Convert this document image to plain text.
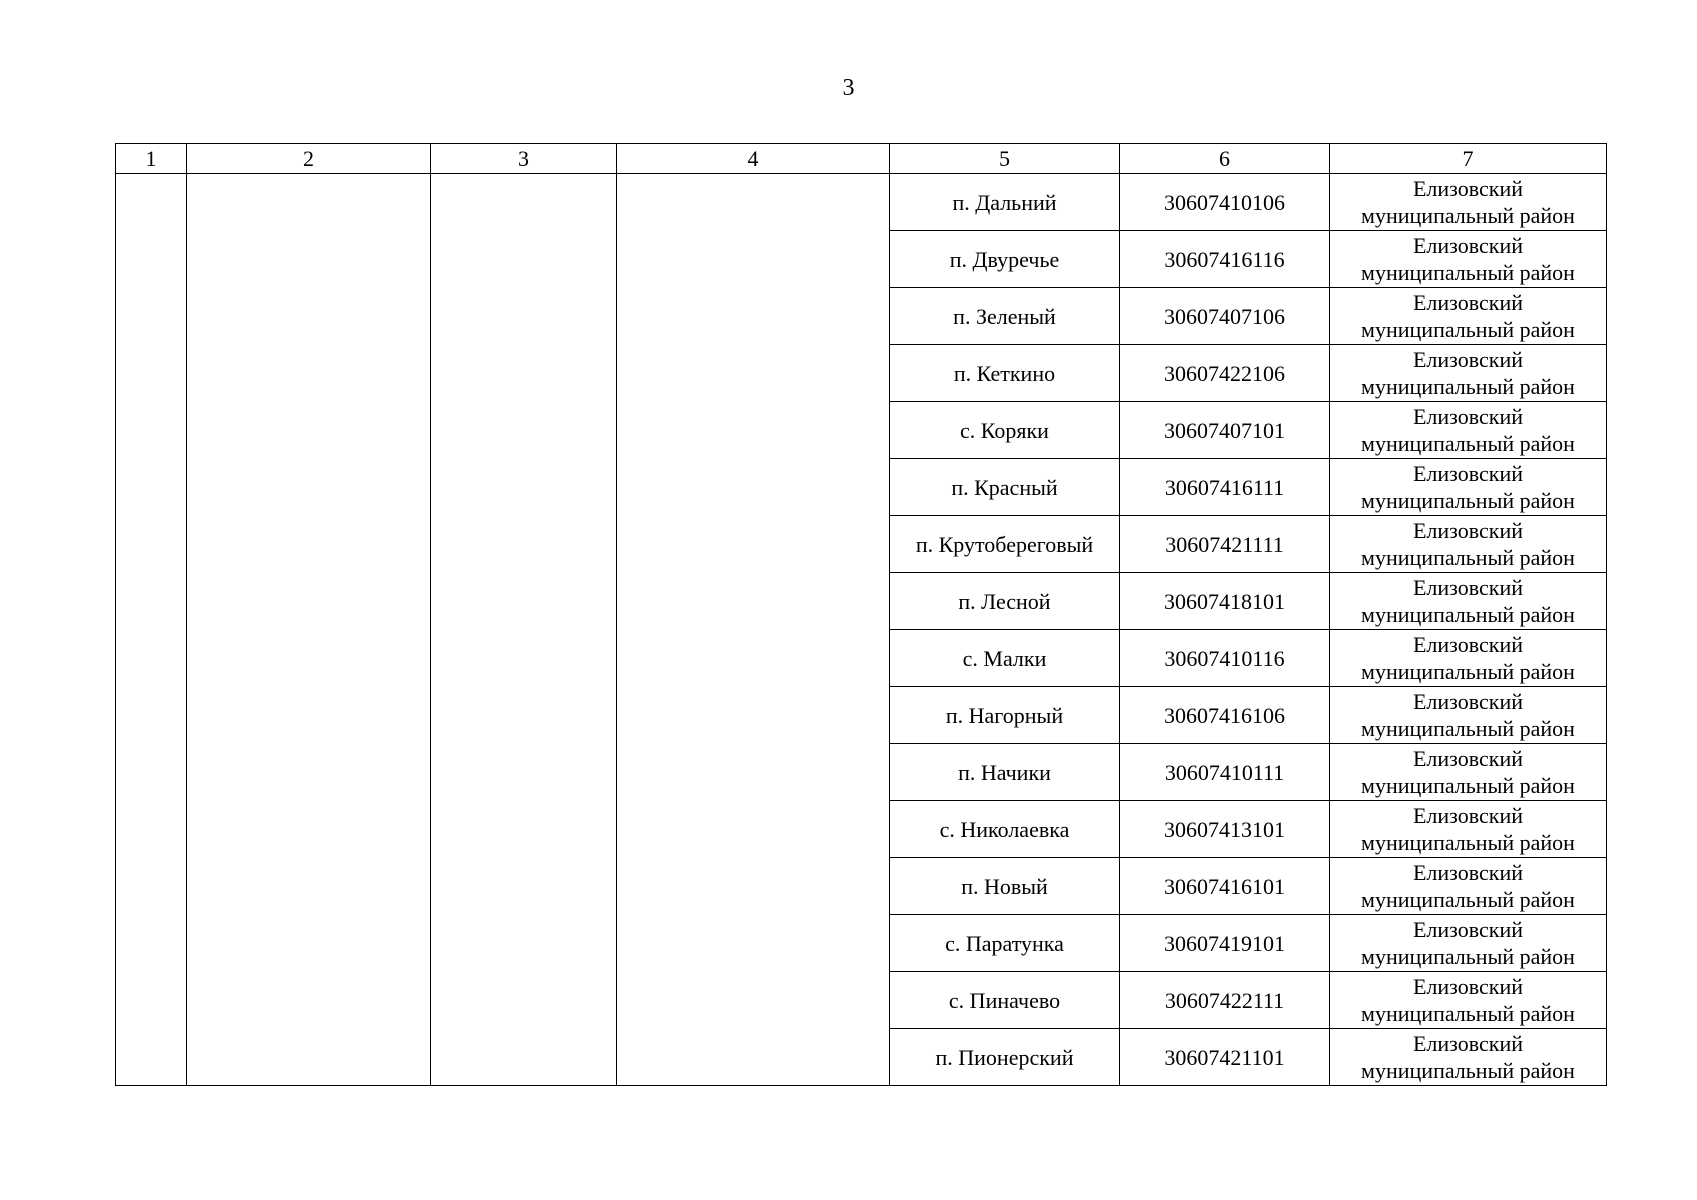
3
1	2	3	4	5	6	7
				п. Дальний	30607410106	Елизовский
муниципальный район

				п. Двуречье	30607416116	Елизовский
муниципальный район

				п. Зеленый	30607407106	Елизовский
муниципальный район

				п. Кеткино	30607422106	Елизовский
муниципальный район

				с. Коряки	30607407101	Елизовский
муниципальный район

				п. Красный	30607416111	Елизовский
муниципальный район

				п. Крутобереговый	30607421111	Елизовский
муниципальный район

				п. Лесной	30607418101	Елизовский
муниципальный район

				с. Малки	30607410116	Елизовский
муниципальный район

				п. Нагорный	30607416106	Елизовский
муниципальный район

				п. Начики	30607410111	Елизовский
муниципальный район

				с. Николаевка	30607413101	Елизовский
муниципальный район

				п. Новый	30607416101	Елизовский
муниципальный район

				с. Паратунка	30607419101	Елизовский
муниципальный район

				с. Пиначево	30607422111	Елизовский
муниципальный район

				п. Пионерский	30607421101	Елизовский
муниципальный район
